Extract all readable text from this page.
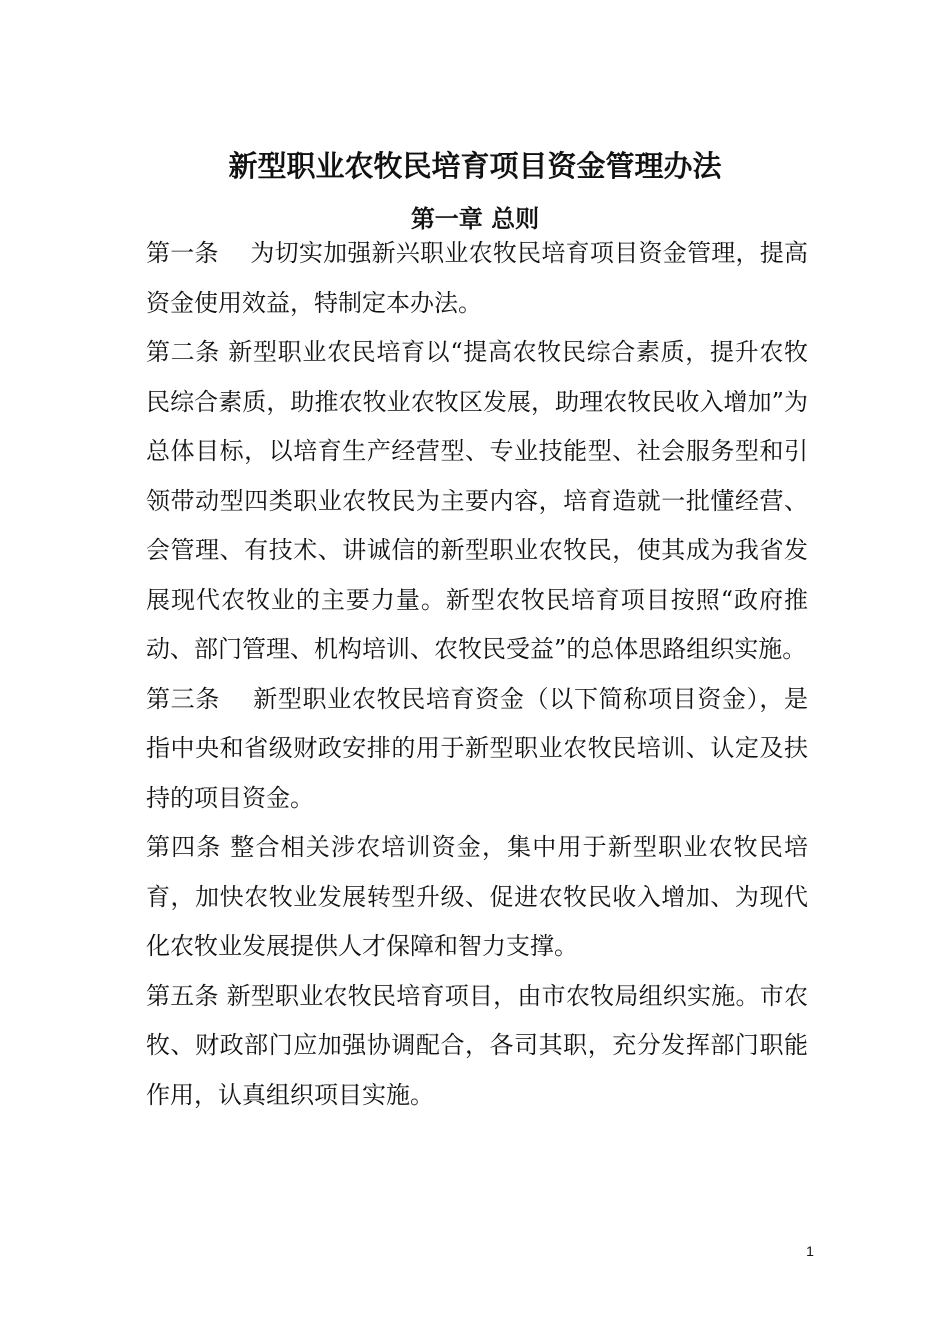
新型职业农牧民培育项目资金管理办法
第一章 总则

第一条    为切实加强新兴职业农牧民培育项目资金管理，提高资金使用效益，特制定本办法。

第二条 新型职业农民培育以“提高农牧民综合素质，提升农牧民综合素质，助推农牧业农牧区发展，助理农牧民收入增加”为总体目标，以培育生产经营型、专业技能型、社会服务型和引领带动型四类职业农牧民为主要内容，培育造就一批懂经营、会管理、有技术、讲诚信的新型职业农牧民，使其成为我省发展现代农牧业的主要力量。新型农牧民培育项目按照“政府推动、部门管理、机构培训、农牧民受益”的总体思路组织实施。

第三条    新型职业农牧民培育资金（以下简称项目资金），是指中央和省级财政安排的用于新型职业农牧民培训、认定及扶持的项目资金。

第四条 整合相关涉农培训资金，集中用于新型职业农牧民培育，加快农牧业发展转型升级、促进农牧民收入增加、为现代化农牧业发展提供人才保障和智力支撑。

第五条 新型职业农牧民培育项目，由市农牧局组织实施。市农牧、财政部门应加强协调配合，各司其职，充分发挥部门职能作用，认真组织项目实施。

1
